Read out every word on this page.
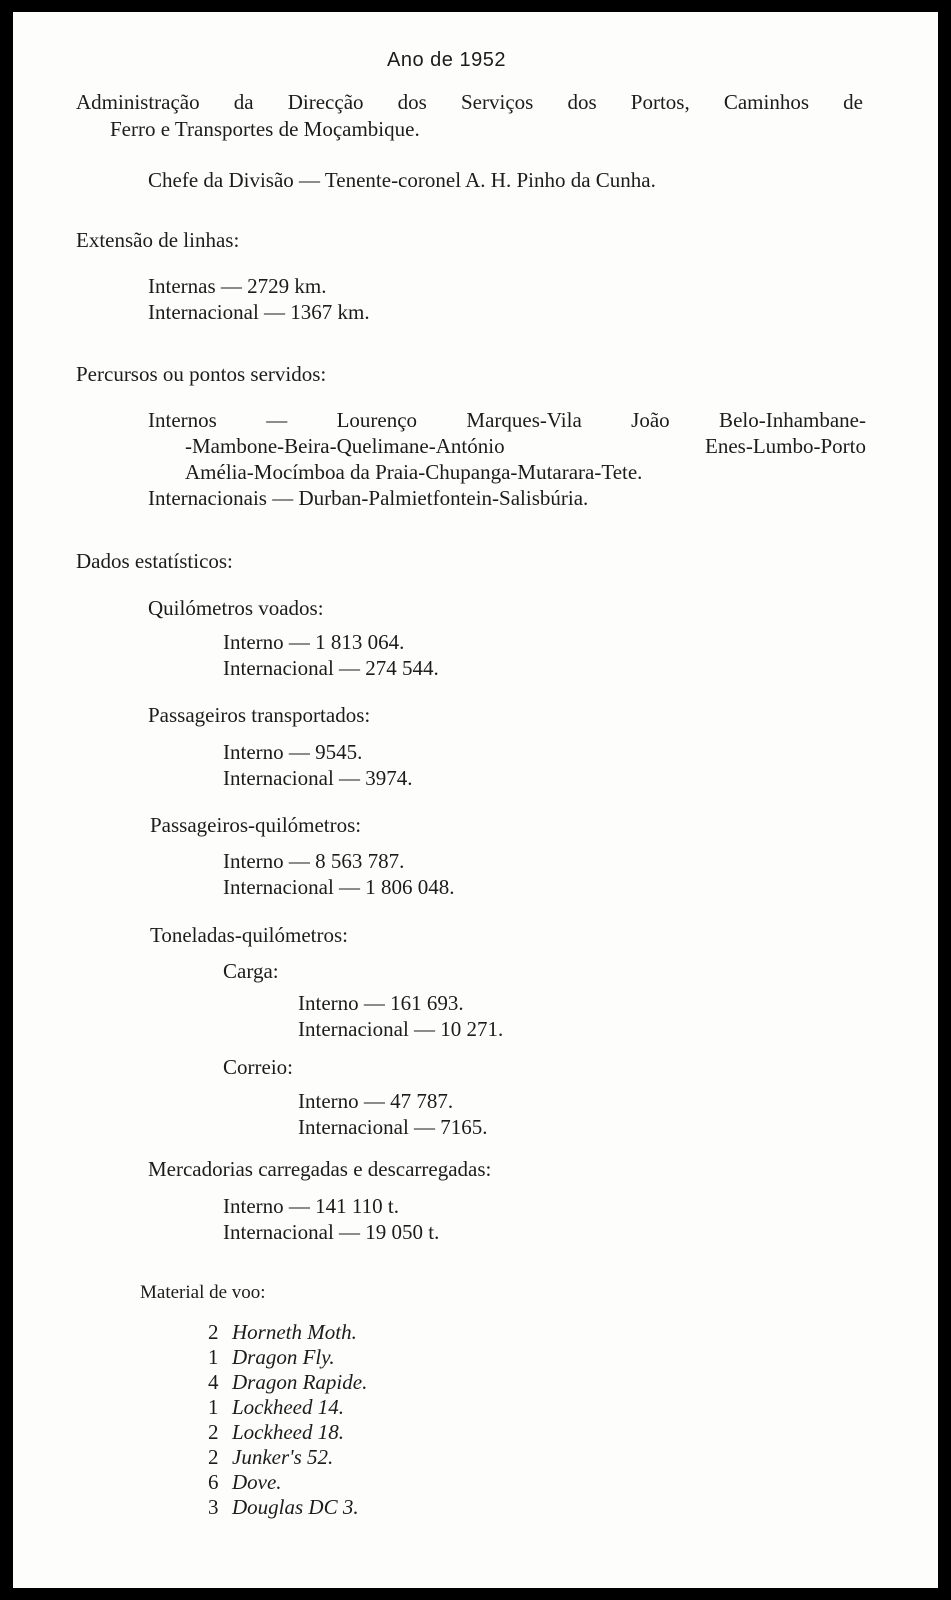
Ano de 1952
Administração da Direcção dos Serviços dos Portos, Caminhos de
Ferro e Transportes de Moçambique.
Chefe da Divisão — Tenente-coronel A. H. Pinho da Cunha.
Extensão de linhas:
Internas — 2729 km.
Internacional — 1367 km.
Percursos ou pontos servidos:
Internos — Lourenço Marques-Vila João Belo-Inhambane-
-Mambone-Beira-Quelimane-António Enes-Lumbo-Porto
Amélia-Mocímboa da Praia-Chupanga-Mutarara-Tete.
Internacionais — Durban-Palmietfontein-Salisbúria.
Dados estatísticos:
Quilómetros voados:
Interno — 1 813 064.
Internacional — 274 544.
Passageiros transportados:
Interno — 9545.
Internacional — 3974.
Passageiros-quilómetros:
Interno — 8 563 787.
Internacional — 1 806 048.
Toneladas-quilómetros:
Carga:
Interno — 161 693.
Internacional — 10 271.
Correio:
Interno — 47 787.
Internacional — 7165.
Mercadorias carregadas e descarregadas:
Interno — 141 110 t.
Internacional — 19 050 t.
Material de voo:
2 Horneth Moth.
1 Dragon Fly.
4 Dragon Rapide.
1 Lockheed 14.
2 Lockheed 18.
2 Junker's 52.
6 Dove.
3 Douglas DC 3.
